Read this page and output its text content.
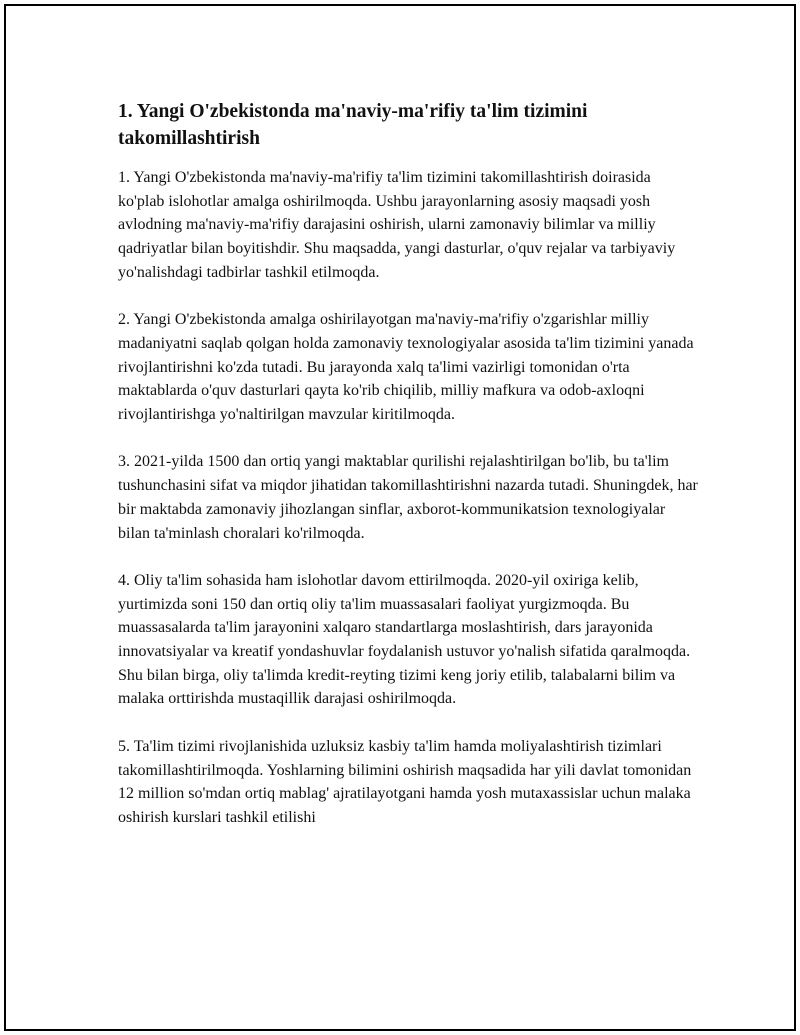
1. Yangi O'zbekistonda ma'naviy-ma'rifiy ta'lim tizimini takomillashtirish

1. Yangi O'zbekistonda ma'naviy-ma'rifiy ta'lim tizimini takomillashtirish doirasida ko'plab islohotlar amalga oshirilmoqda. Ushbu jarayonlarning asosiy maqsadi yosh avlodning ma'naviy-ma'rifiy darajasini oshirish, ularni zamonaviy bilimlar va milliy qadriyatlar bilan boyitishdir. Shu maqsadda, yangi dasturlar, o'quv rejalar va tarbiyaviy yo'nalishdagi tadbirlar tashkil etilmoqda.

2. Yangi O'zbekistonda amalga oshirilayotgan ma'naviy-ma'rifiy o'zgarishlar milliy madaniyatni saqlab qolgan holda zamonaviy texnologiyalar asosida ta'lim tizimini yanada rivojlantirishni ko'zda tutadi. Bu jarayonda xalq ta'limi vazirligi tomonidan o'rta maktablarda o'quv dasturlari qayta ko'rib chiqilib, milliy mafkura va odob-axloqni rivojlantirishga yo'naltirilgan mavzular kiritilmoqda.

3. 2021-yilda 1500 dan ortiq yangi maktablar qurilishi rejalashtirilgan bo'lib, bu ta'lim tushunchasini sifat va miqdor jihatidan takomillashtirishni nazarda tutadi. Shuningdek, har bir maktabda zamonaviy jihozlangan sinflar, axborot-kommunikatsion texnologiyalar bilan ta'minlash choralari ko'rilmoqda.

4. Oliy ta'lim sohasida ham islohotlar davom ettirilmoqda. 2020-yil oxiriga kelib, yurtimizda soni 150 dan ortiq oliy ta'lim muassasalari faoliyat yurgizmoqda. Bu muassasalarda ta'lim jarayonini xalqaro standartlarga moslashtirish, dars jarayonida innovatsiyalar va kreatif yondashuvlar foydalanish ustuvor yo'nalish sifatida qaralmoqda. Shu bilan birga, oliy ta'limda kredit-reyting tizimi keng joriy etilib, talabalarni bilim va malaka orttirishda mustaqillik darajasi oshirilmoqda.

5. Ta'lim tizimi rivojlanishida uzluksiz kasbiy ta'lim hamda moliyalashtirish tizimlari takomillashtirilmoqda. Yoshlarning bilimini oshirish maqsadida har yili davlat tomonidan 12 million so'mdan ortiq mablag' ajratilayotgani hamda yosh mutaxassislar uchun malaka oshirish kurslari tashkil etilishi
